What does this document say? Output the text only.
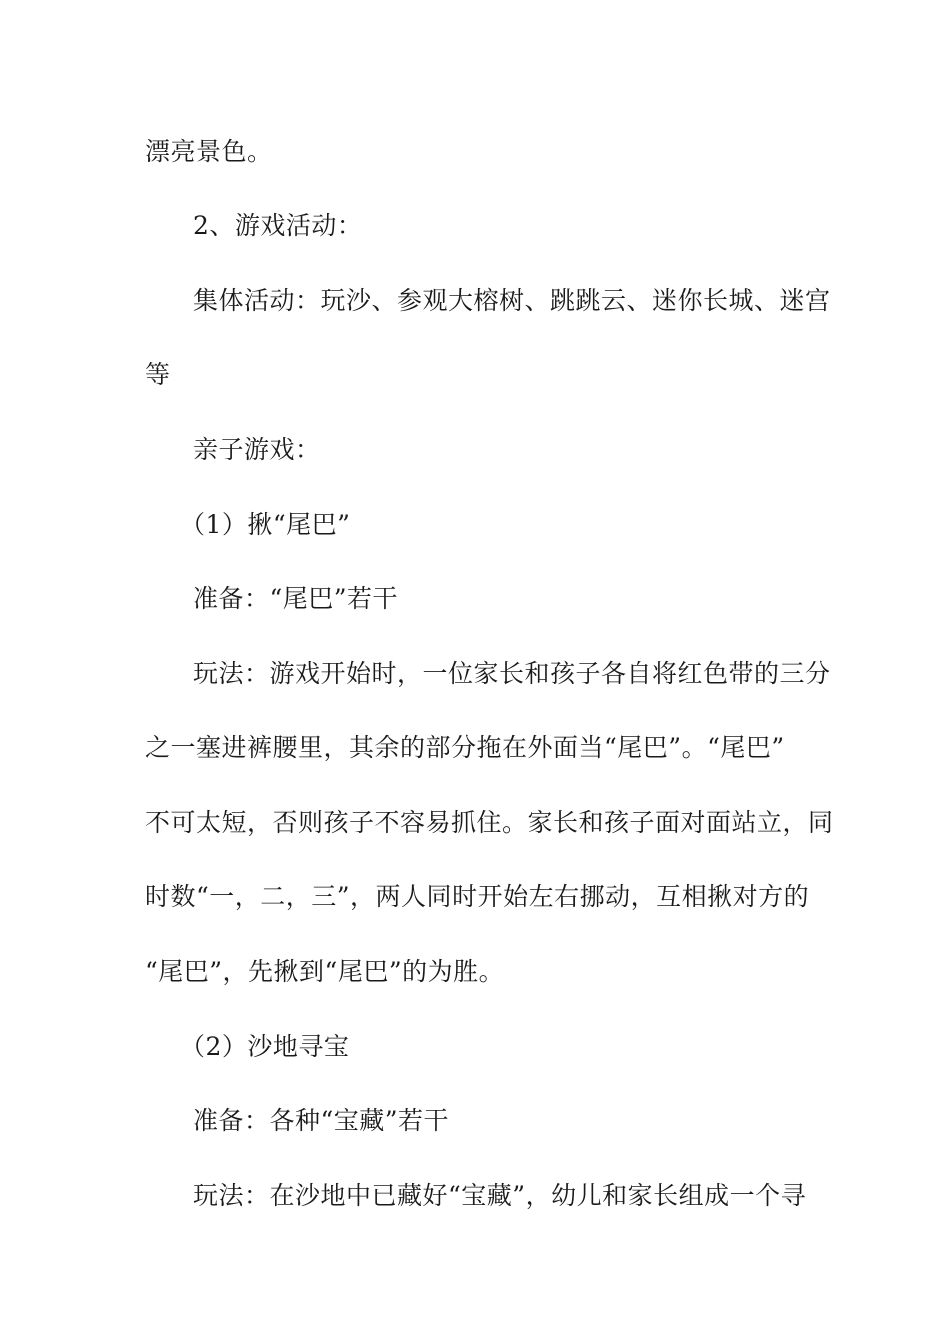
漂亮景色。
2、游戏活动：
集体活动：玩沙、参观大榕树、跳跳云、迷你长城、迷宫
等
亲子游戏：
（1）揪“尾巴”
准备：“尾巴”若干
玩法：游戏开始时，一位家长和孩子各自将红色带的三分
之一塞进裤腰里，其余的部分拖在外面当“尾巴”。“尾巴”
不可太短，否则孩子不容易抓住。家长和孩子面对面站立，同
时数“一，二，三”，两人同时开始左右挪动，互相揪对方的
“尾巴”，先揪到“尾巴”的为胜。
（2）沙地寻宝
准备：各种“宝藏”若干
玩法：在沙地中已藏好“宝藏”，幼儿和家长组成一个寻
